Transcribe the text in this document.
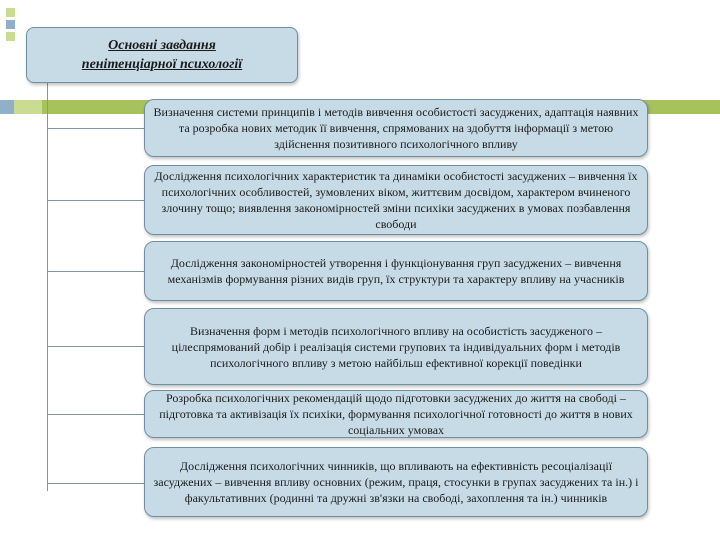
Основні завдання
пенітенціарної психології
Визначення системи принципів і методів вивчення особистості засуджених, адаптація наявних та розробка нових методик її вивчення, спрямованих на здобуття інформації з метою здійснення позитивного психологічного впливу
Дослідження психологічних характеристик та динаміки особистості засуджених – вивчення їх психологічних особливостей, зумовлених віком, життєвим досвідом, характером вчиненого злочину тощо; виявлення закономірностей зміни психіки засуджених в умовах позбавлення свободи
Дослідження закономірностей утворення і функціонування груп засуджених – вивчення механізмів формування різних видів груп, їх структури та характеру впливу на учасників
Визначення форм і методів психологічного впливу на особистість засудженого – цілеспрямований добір і реалізація системи групових та індивідуальних форм і методів психологічного впливу з метою найбільш ефективної корекції поведінки
Розробка психологічних рекомендацій щодо підготовки засуджених до життя на свободі – підготовка та активізація їх психіки, формування психологічної готовності до життя в нових соціальних умовах
Дослідження психологічних чинників, що впливають на ефективність ресоціалізації засуджених – вивчення впливу основних (режим, праця, стосунки в групах засуджених та ін.) і факультативних (родинні та дружні зв'язки на свободі, захоплення та ін.) чинників
